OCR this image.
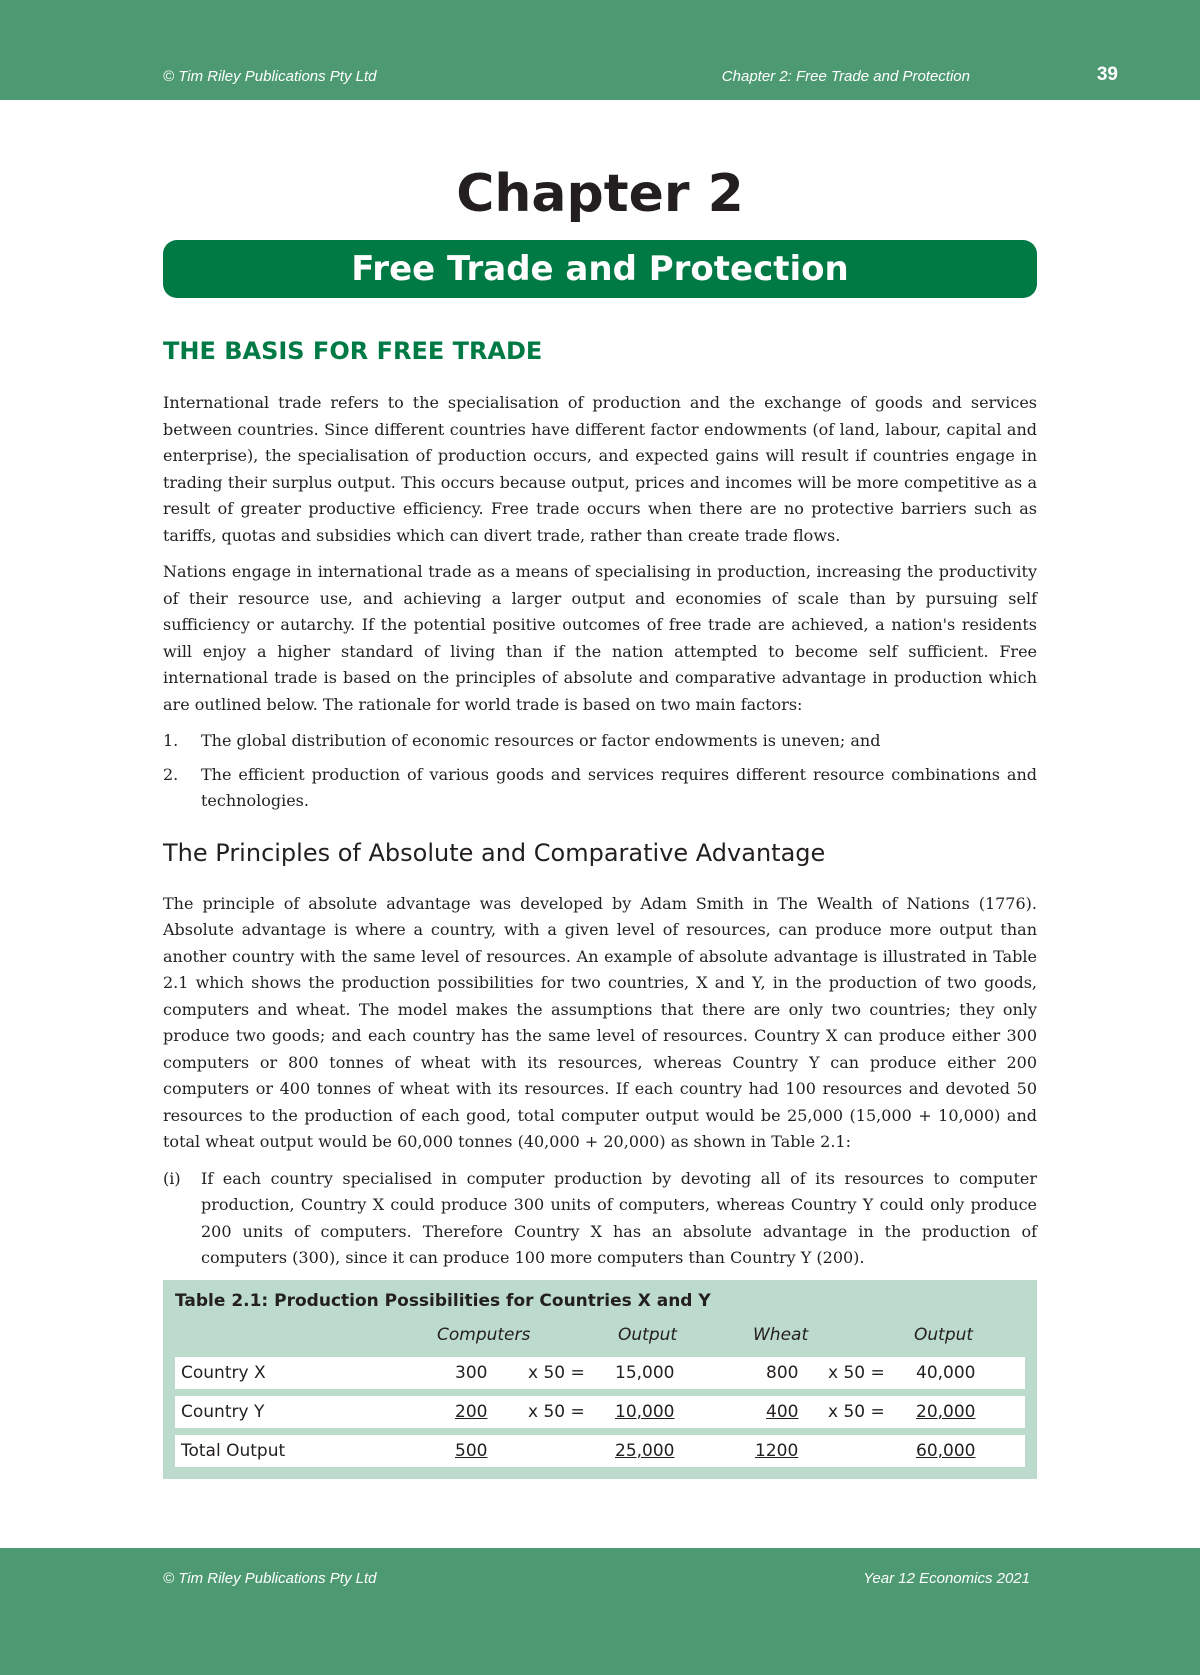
© Tim Riley Publications Pty Ltd	Chapter 2: Free Trade and Protection	39
Chapter 2
Free Trade and Protection
THE BASIS FOR FREE TRADE

International trade refers to the specialisation of production and the exchange of goods and services between countries. Since different countries have different factor endowments (of land, labour, capital and enterprise), the specialisation of production occurs, and expected gains will result if countries engage in trading their surplus output. This occurs because output, prices and incomes will be more competitive as a result of greater productive efficiency. Free trade occurs when there are no protective barriers such as tariffs, quotas and subsidies which can divert trade, rather than create trade flows.

Nations engage in international trade as a means of specialising in production, increasing the productivity of their resource use, and achieving a larger output and economies of scale than by pursuing self sufficiency or autarchy. If the potential positive outcomes of free trade are achieved, a nation's residents will enjoy a higher standard of living than if the nation attempted to become self sufficient. Free international trade is based on the principles of absolute and comparative advantage in production which are outlined below. The rationale for world trade is based on two main factors:

1. The global distribution of economic resources or factor endowments is uneven; and
2. The efficient production of various goods and services requires different resource combinations and technologies.
The Principles of Absolute and Comparative Advantage

The principle of absolute advantage was developed by Adam Smith in The Wealth of Nations (1776). Absolute advantage is where a country, with a given level of resources, can produce more output than another country with the same level of resources. An example of absolute advantage is illustrated in Table 2.1 which shows the production possibilities for two countries, X and Y, in the production of two goods, computers and wheat. The model makes the assumptions that there are only two countries; they only produce two goods; and each country has the same level of resources. Country X can produce either 300 computers or 800 tonnes of wheat with its resources, whereas Country Y can produce either 200 computers or 400 tonnes of wheat with its resources. If each country had 100 resources and devoted 50 resources to the production of each good, total computer output would be 25,000 (15,000 + 10,000) and total wheat output would be 60,000 tonnes (40,000 + 20,000) as shown in Table 2.1:

(i) If each country specialised in computer production by devoting all of its resources to computer production, Country X could produce 300 units of computers, whereas Country Y could only produce 200 units of computers. Therefore Country X has an absolute advantage in the production of computers (300), since it can produce 100 more computers than Country Y (200).
Table 2.1: Production Possibilities for Countries X and Y
Computers	Output	Wheat	Output
Country X	300 x 50 = 15,000	800 x 50 = 40,000
Country Y	200 x 50 = 10,000	400 x 50 = 20,000
Total Output	500	25,000	1200	60,000
© Tim Riley Publications Pty Ltd	Year 12 Economics 2021
